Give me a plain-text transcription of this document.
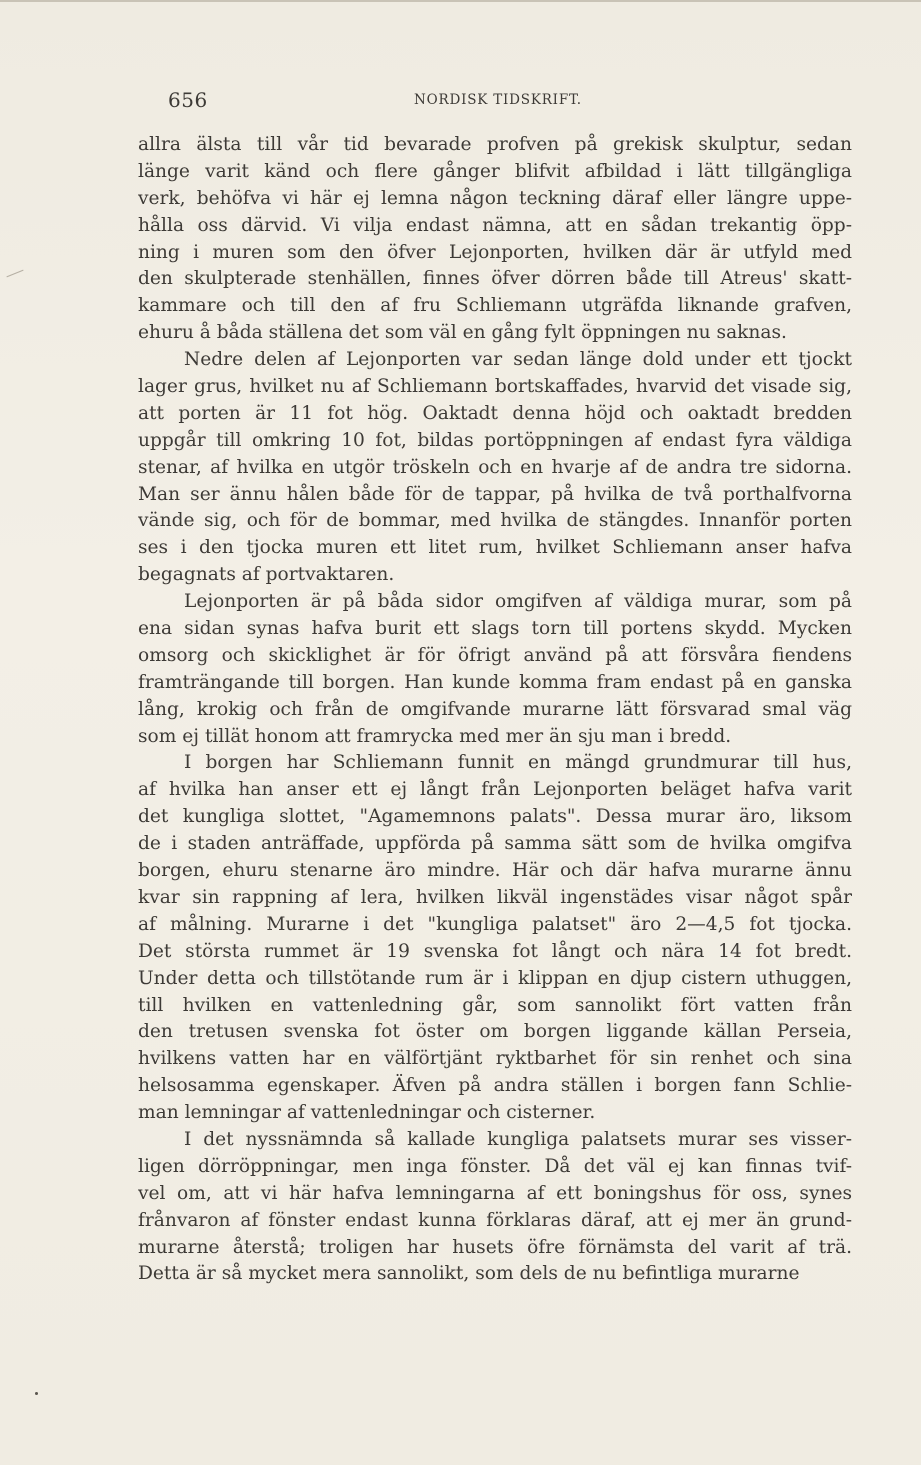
656	NORDISK TIDSKRIFT.
allra älsta till vår tid bevarade profven på grekisk skulptur, sedan
länge varit känd och flere gånger blifvit afbildad i lätt tillgängliga
verk, behöfva vi här ej lemna någon teckning däraf eller längre uppe-
hålla oss därvid. Vi vilja endast nämna, att en sådan trekantig öpp-
ning i muren som den öfver Lejonporten, hvilken där är utfyld med
den skulpterade stenhällen, finnes öfver dörren både till Atreus' skatt-
kammare och till den af fru Schliemann utgräfda liknande grafven,
ehuru å båda ställena det som väl en gång fylt öppningen nu saknas.
Nedre delen af Lejonporten var sedan länge dold under ett tjockt
lager grus, hvilket nu af Schliemann bortskaffades, hvarvid det visade sig,
att porten är 11 fot hög. Oaktadt denna höjd och oaktadt bredden
uppgår till omkring 10 fot, bildas portöppningen af endast fyra väldiga
stenar, af hvilka en utgör tröskeln och en hvarje af de andra tre sidorna.
Man ser ännu hålen både för de tappar, på hvilka de två porthalfvorna
vände sig, och för de bommar, med hvilka de stängdes. Innanför porten
ses i den tjocka muren ett litet rum, hvilket Schliemann anser hafva
begagnats af portvaktaren.
Lejonporten är på båda sidor omgifven af väldiga murar, som på
ena sidan synas hafva burit ett slags torn till portens skydd. Mycken
omsorg och skicklighet är för öfrigt använd på att försvåra fiendens
framträngande till borgen. Han kunde komma fram endast på en ganska
lång, krokig och från de omgifvande murarne lätt försvarad smal väg
som ej tillät honom att framrycka med mer än sju man i bredd.
I borgen har Schliemann funnit en mängd grundmurar till hus,
af hvilka han anser ett ej långt från Lejonporten beläget hafva varit
det kungliga slottet, "Agamemnons palats". Dessa murar äro, liksom
de i staden anträffade, uppförda på samma sätt som de hvilka omgifva
borgen, ehuru stenarne äro mindre. Här och där hafva murarne ännu
kvar sin rappning af lera, hvilken likväl ingenstädes visar något spår
af målning. Murarne i det "kungliga palatset" äro 2—4,5 fot tjocka.
Det största rummet är 19 svenska fot långt och nära 14 fot bredt.
Under detta och tillstötande rum är i klippan en djup cistern uthuggen,
till hvilken en vattenledning går, som sannolikt fört vatten från
den tretusen svenska fot öster om borgen liggande källan Perseia,
hvilkens vatten har en välförtjänt ryktbarhet för sin renhet och sina
helsosamma egenskaper. Äfven på andra ställen i borgen fann Schlie-
man lemningar af vattenledningar och cisterner.
I det nyssnämnda så kallade kungliga palatsets murar ses visser-
ligen dörröppningar, men inga fönster. Då det väl ej kan finnas tvif-
vel om, att vi här hafva lemningarna af ett boningshus för oss, synes
frånvaron af fönster endast kunna förklaras däraf, att ej mer än grund-
murarne återstå; troligen har husets öfre förnämsta del varit af trä.
Detta är så mycket mera sannolikt, som dels de nu befintliga murarne
